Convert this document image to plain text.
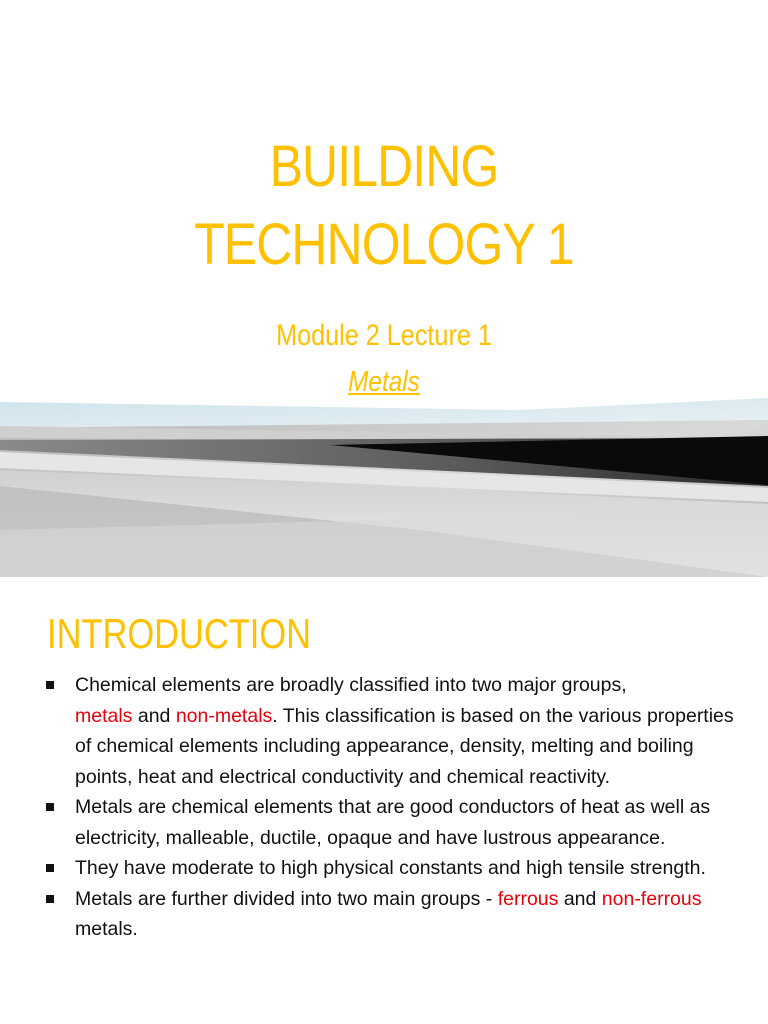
BUILDING
TECHNOLOGY 1
Module 2 Lecture 1
Metals
INTRODUCTION
Chemical elements are broadly classified into two major groups,
metals and non-metals. This classification is based on the various properties of chemical elements including appearance, density, melting and boiling points, heat and electrical conductivity and chemical reactivity.
Metals are chemical elements that are good conductors of heat as well as electricity, malleable, ductile, opaque and have lustrous appearance.
They have moderate to high physical constants and high tensile strength.
Metals are further divided into two main groups - ferrous and non-ferrous metals.
